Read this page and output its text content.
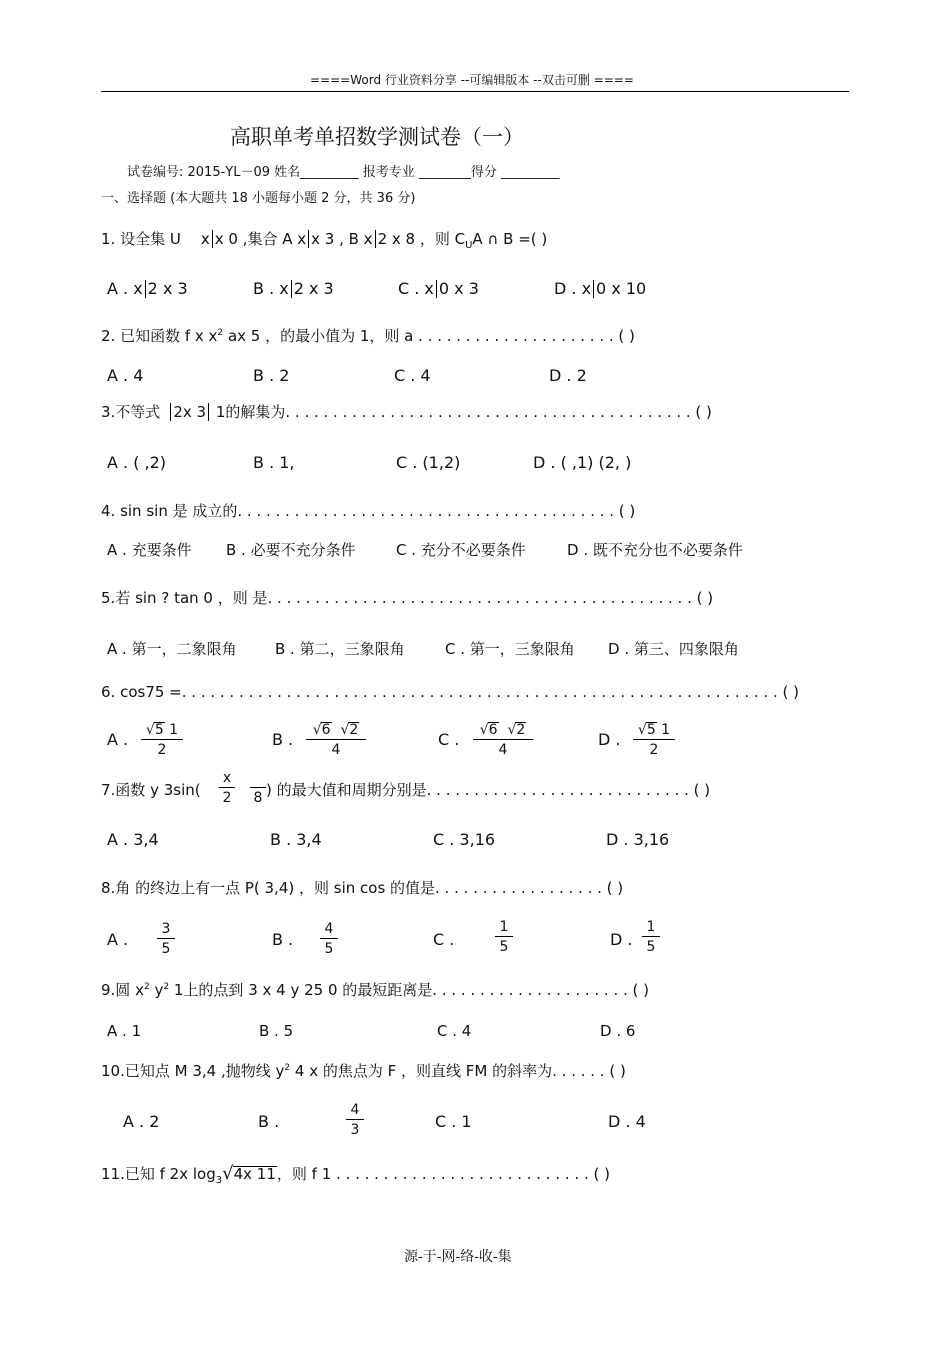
====Word 行业资料分享 --可编辑版本 --双击可删 ====
高职单考单招数学测试卷（一）
试卷编号: 2015-YL－09 姓名_________ 报考专业 ________得分 _________
一、选择题 (本大题共 18 小题每小题 2 分，共 36 分)
1. 设全集 U x x 0 ,集合 A x x 3 , B x 2 x 8 ，则 $C_UA$ ∩ B =( )
A . x 2 x 3	B . x 2 x 3	C . x 0 x 3	D . x 0 x 10
2. 已知函数 f x $x^2$ ax 5 ，的最小值为 1，则 a . . . . . . . . . . . . . . . . . . . . . ( )
A . 4	B . 2	C . 4	D . 2
3.不等式 2x 3 1的解集为. . . . . . . . . . . . . . . . . . . . . . . . . . . . . . . . . . . . . . . . . . . ( )
A . ( ,2)	B . 1,	C . (1,2)	D . ( ,1) (2, )
4. sin sin 是 成立的. . . . . . . . . . . . . . . . . . . . . . . . . . . . . . . . . . . . . . . . ( )
A . 充要条件 B . 必要不充分条件	C . 充分不必要条件	D . 既不充分也不必要条件
5.若 sin ? tan 0 ，则 是. . . . . . . . . . . . . . . . . . . . . . . . . . . . . . . . . . . . . . . . . . . . . ( )
A . 第一，二象限角	B . 第二，三象限角	C . 第一，三象限角 D . 第三、四象限角
6. cos75 =. . . . . . . . . . . . . . . . . . . . . . . . . . . . . . . . . . . . . . . . . . . . . . . . . . . . . . . . . . . . . . . ( )
A .	√5 1
2
B .	√6 √2
4
C .	√6 √2
4
D .	√5 1
2
7.函数 y 3sin(
x
2
8 ) 的最大值和周期分别是. . . . . . . . . . . . . . . . . . . . . . . . . . . . ( )
A . 3,4	B . 3,4	C . 3,16	D . 3,16
8.角 的终边上有一点 P( 3,4) ，则 sin cos 的值是. . . . . . . . . . . . . . . . . . ( )
A .
3
5	B .
4
5	C .
1
5	D .
1
5
9.圆 $x^2$ $y^2$ 1上的点到 3 x 4 y 25 0 的最短距离是. . . . . . . . . . . . . . . . . . . . . ( )
A . 1	B . 5	C . 4	D . 6
10.已知点 M 3,4 ,抛物线 $y^2$ 4 x 的焦点为 F ，则直线 FM 的斜率为. . . . . . ( )
A . 2	B .
4
3	C . 1	D . 4
11.已知 f 2x $\log_3√4x$ 11，则 f 1 . . . . . . . . . . . . . . . . . . . . . . . . . . . ( )
源-于-网-络-收-集
